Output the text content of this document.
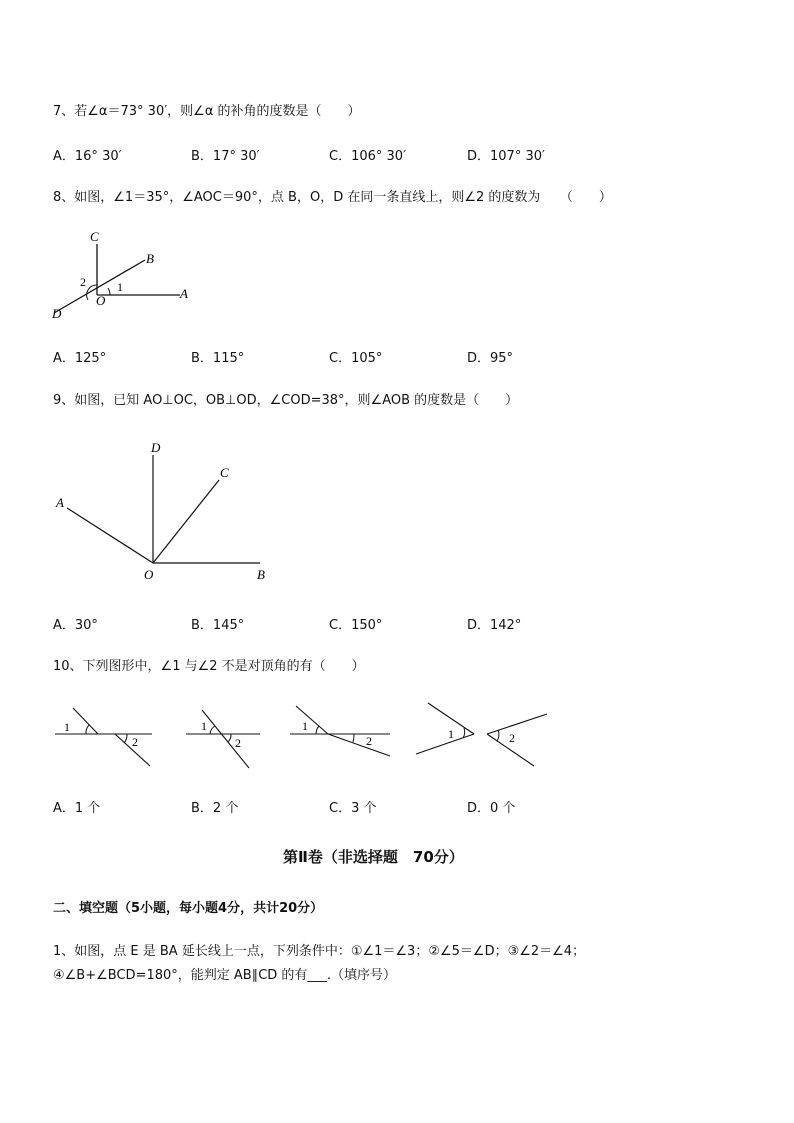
7、若∠α＝73° 30′，则∠α 的补角的度数是（　　）
A．16° 30′	B．17° 30′	C．106° 30′	D．107° 30′
8、如图，∠1＝35°，∠AOC＝90°，点 B，O，D 在同一条直线上，则∠2 的度数为　　（　　）
C
B
A
O
D
1
2
A．125°	B．115°	C．105°	D．95°
9、如图，已知 AO⊥OC，OB⊥OD，∠COD=38°，则∠AOB 的度数是（　　）
D
C
A
O	B
A．30°	B．145°	C．150°	D．142°
10、下列图形中，∠1 与∠2 不是对顶角的有（　　）
1
2
1
2
1
2	1	2
A．1 个	B．2 个	C．3 个	D．0 个
第Ⅱ卷（非选择题　70分）
二、填空题（5小题，每小题4分，共计20分）
1、如图，点 E 是 BA 延长线上一点，下列条件中：①∠1＝∠3；②∠5＝∠D；③∠2＝∠4；
④∠B+∠BCD=180°，能判定 AB∥CD 的有___.（填序号）
